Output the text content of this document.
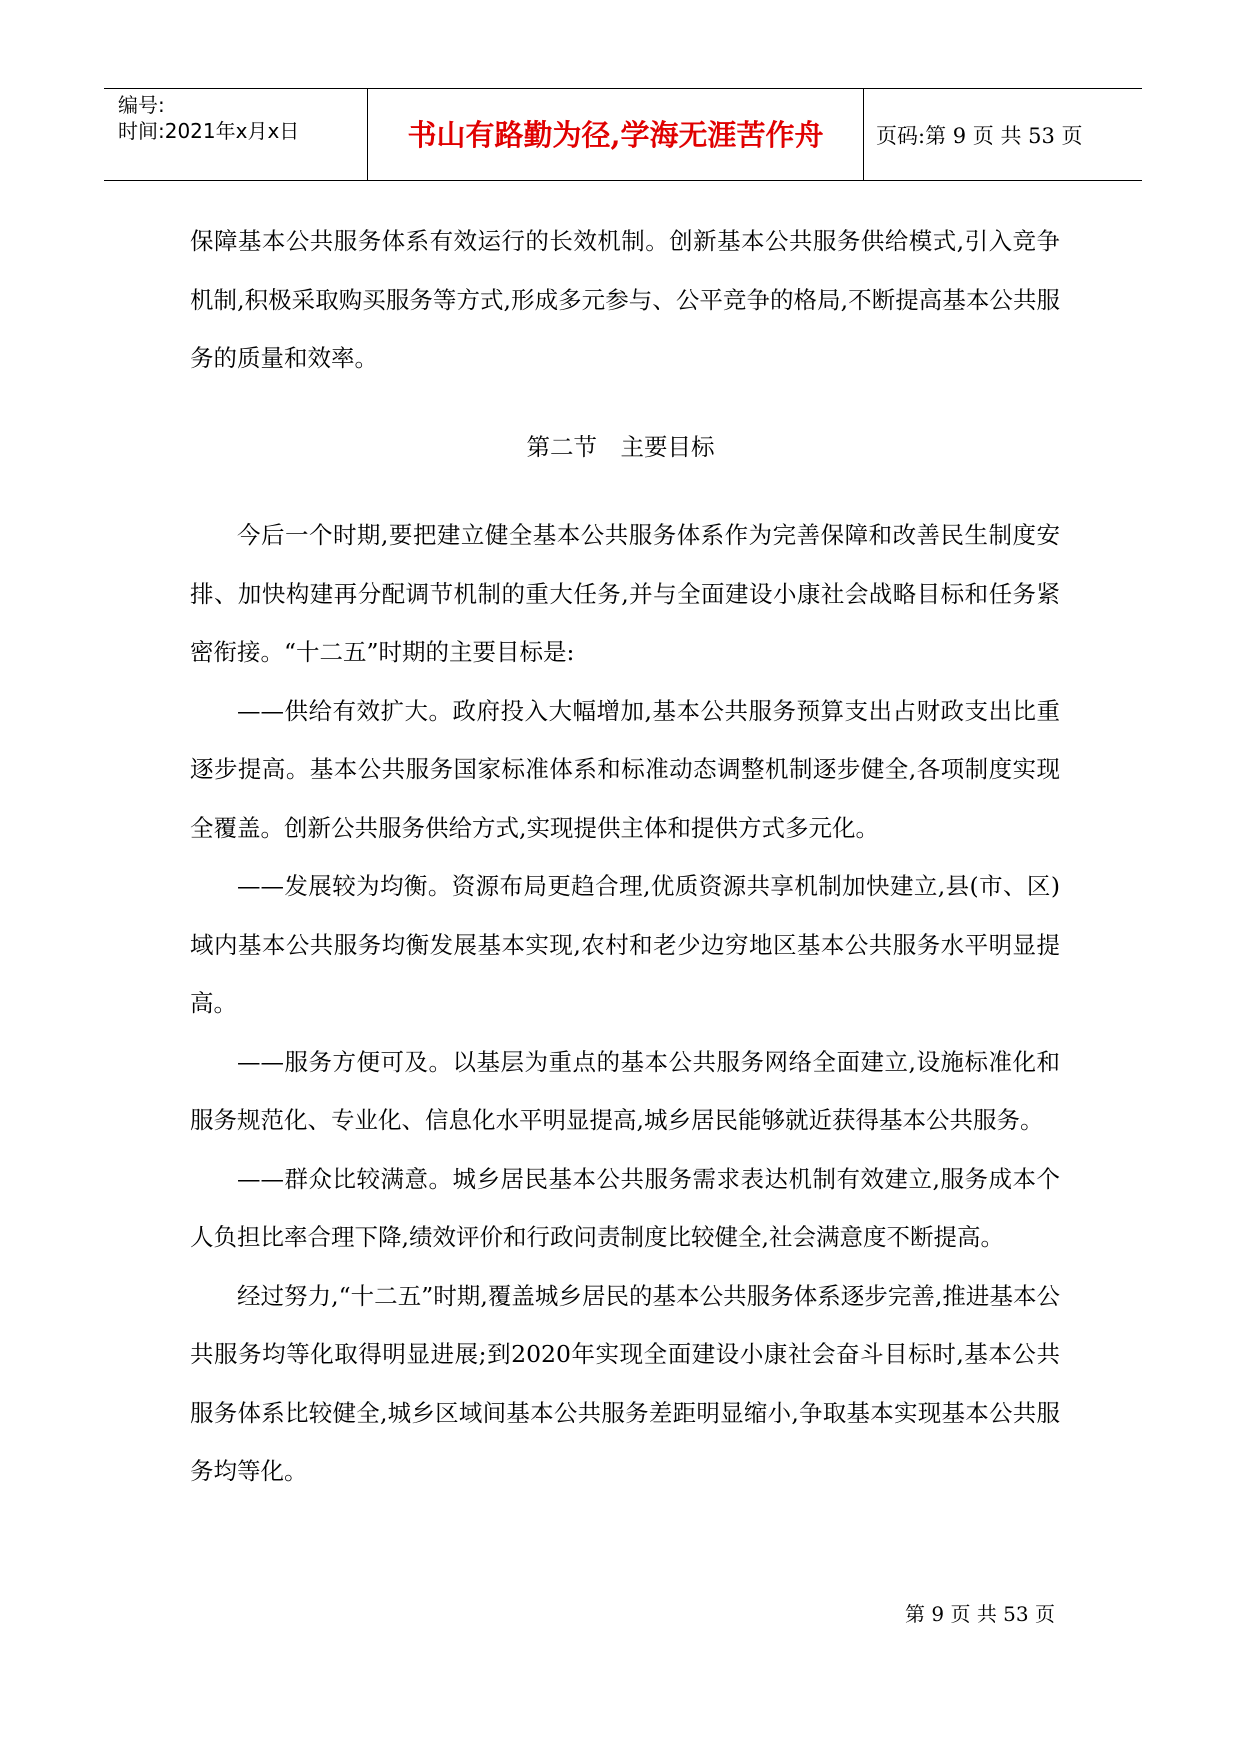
编号:
时间:2021年x月x日	书山有路勤为径,学海无涯苦作舟	页码:第 9 页 共 53 页

保障基本公共服务体系有效运行的长效机制。创新基本公共服务供给模式,引入竞争机制,积极采取购买服务等方式,形成多元参与、公平竞争的格局,不断提高基本公共服务的质量和效率。

第二节　主要目标

今后一个时期,要把建立健全基本公共服务体系作为完善保障和改善民生制度安排、加快构建再分配调节机制的重大任务,并与全面建设小康社会战略目标和任务紧密衔接。“十二五”时期的主要目标是:

——供给有效扩大。政府投入大幅增加,基本公共服务预算支出占财政支出比重逐步提高。基本公共服务国家标准体系和标准动态调整机制逐步健全,各项制度实现全覆盖。创新公共服务供给方式,实现提供主体和提供方式多元化。

——发展较为均衡。资源布局更趋合理,优质资源共享机制加快建立,县(市、区)域内基本公共服务均衡发展基本实现,农村和老少边穷地区基本公共服务水平明显提高。

——服务方便可及。以基层为重点的基本公共服务网络全面建立,设施标准化和服务规范化、专业化、信息化水平明显提高,城乡居民能够就近获得基本公共服务。

——群众比较满意。城乡居民基本公共服务需求表达机制有效建立,服务成本个人负担比率合理下降,绩效评价和行政问责制度比较健全,社会满意度不断提高。

经过努力,“十二五”时期,覆盖城乡居民的基本公共服务体系逐步完善,推进基本公共服务均等化取得明显进展;到2020年实现全面建设小康社会奋斗目标时,基本公共服务体系比较健全,城乡区域间基本公共服务差距明显缩小,争取基本实现基本公共服务均等化。

第 9 页 共 53 页
